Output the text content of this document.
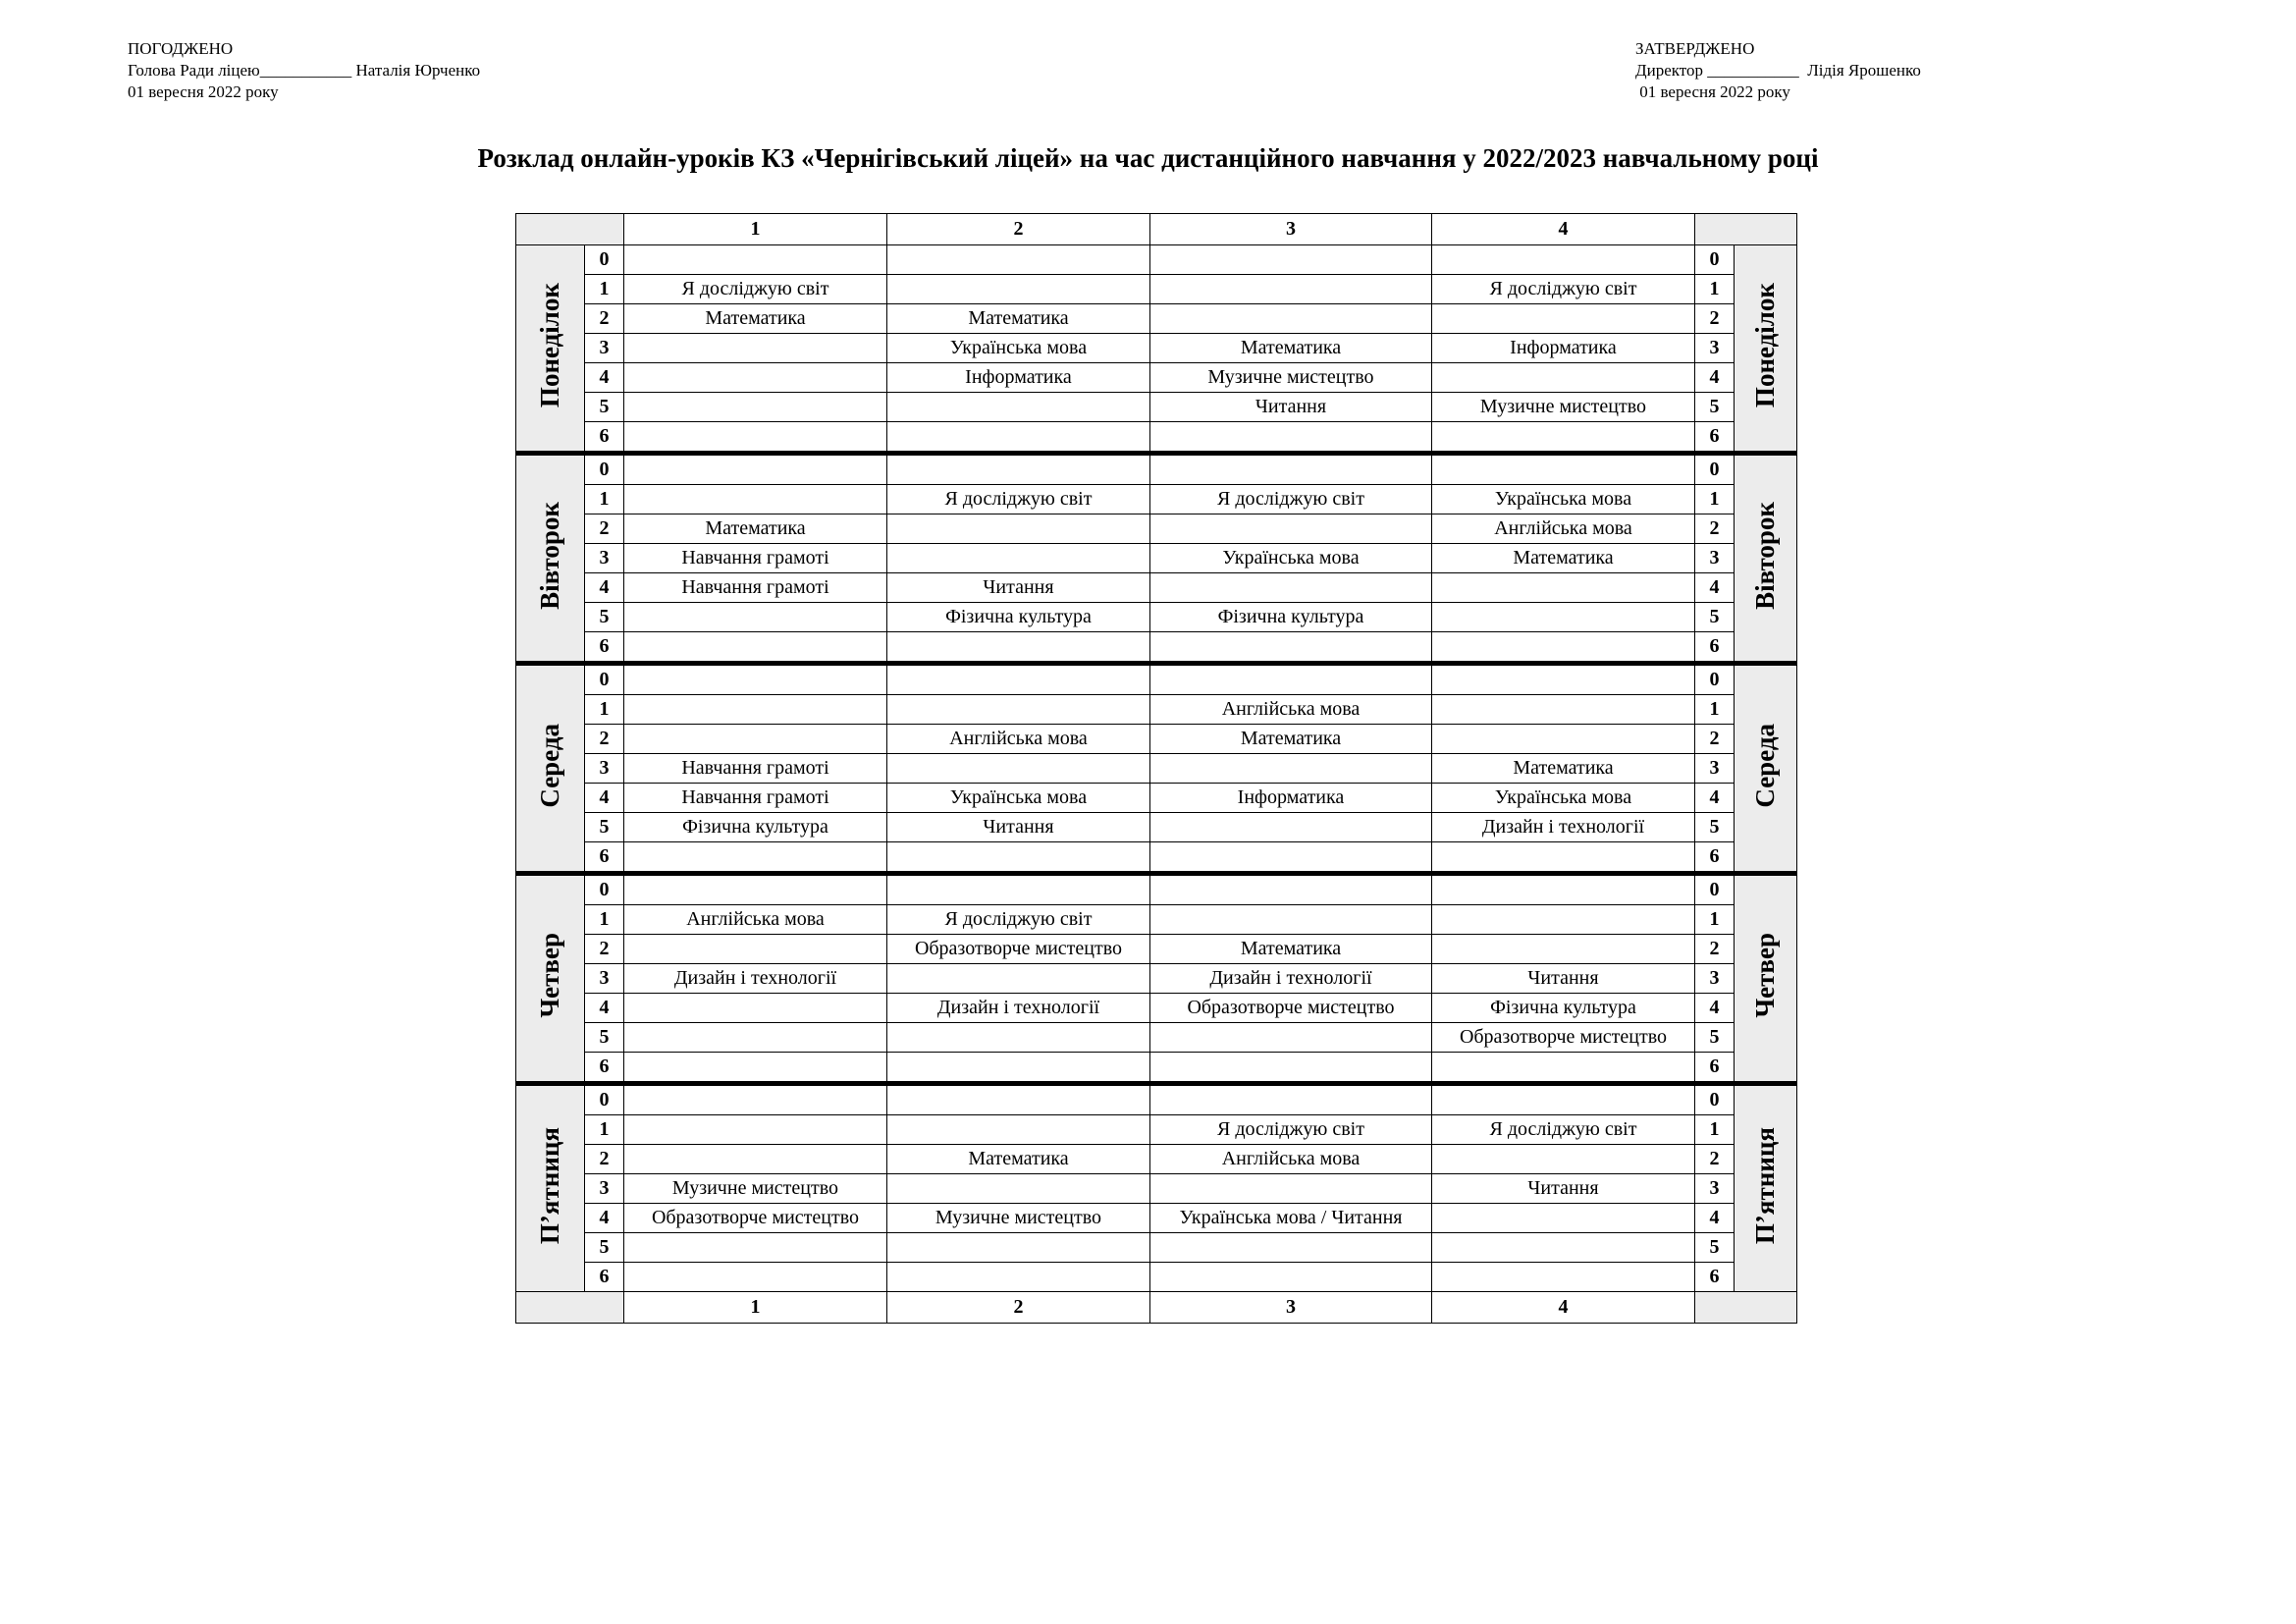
ПОГОДЖЕНО
Голова Ради ліцею___________ Наталія Юрченко
01 вересня 2022 року
ЗАТВЕРДЖЕНО
Директор ___________  Лідія Ярошенко
01 вересня 2022 року
Розклад онлайн-уроків КЗ «Чернігівський ліцей» на час дистанційного навчання у 2022/2023 навчальному році
		1	2	3	4		
Понеділок	0					0	Понеділок
	1	Я досліджую світ			Я досліджую світ	1	
	2	Математика	Математика			2	
	3		Українська мова	Математика	Інформатика	3	
	4		Інформатика	Музичне мистецтво		4	
	5			Читання	Музичне мистецтво	5	
	6					6	
Вівторок	0					0	Вівторок
	1		Я досліджую світ	Я досліджую світ	Українська мова	1	
	2	Математика			Англійська мова	2	
	3	Навчання грамоті		Українська мова	Математика	3	
	4	Навчання грамоті	Читання			4	
	5		Фізична культура	Фізична культура		5	
	6					6	
Середа	0					0	Середа
	1			Англійська мова		1	
	2		Англійська мова	Математика		2	
	3	Навчання грамоті			Математика	3	
	4	Навчання грамоті	Українська мова	Інформатика	Українська мова	4	
	5	Фізична культура	Читання		Дизайн і технології	5	
	6					6	
Четвер	0					0	Четвер
	1	Англійська мова	Я досліджую світ			1	
	2		Образотворче мистецтво	Математика		2	
	3	Дизайн і технології		Дизайн і технології	Читання	3	
	4		Дизайн і технології	Образотворче мистецтво	Фізична культура	4	
	5				Образотворче мистецтво	5	
	6					6	
П’ятниця	0					0	П’ятниця
	1			Я досліджую світ	Я досліджую світ	1	
	2		Математика	Англійська мова		2	
	3	Музичне мистецтво			Читання	3	
	4	Образотворче мистецтво	Музичне мистецтво	Українська мова / Читання		4	
	5					5	
	6					6	
		1	2	3	4		
